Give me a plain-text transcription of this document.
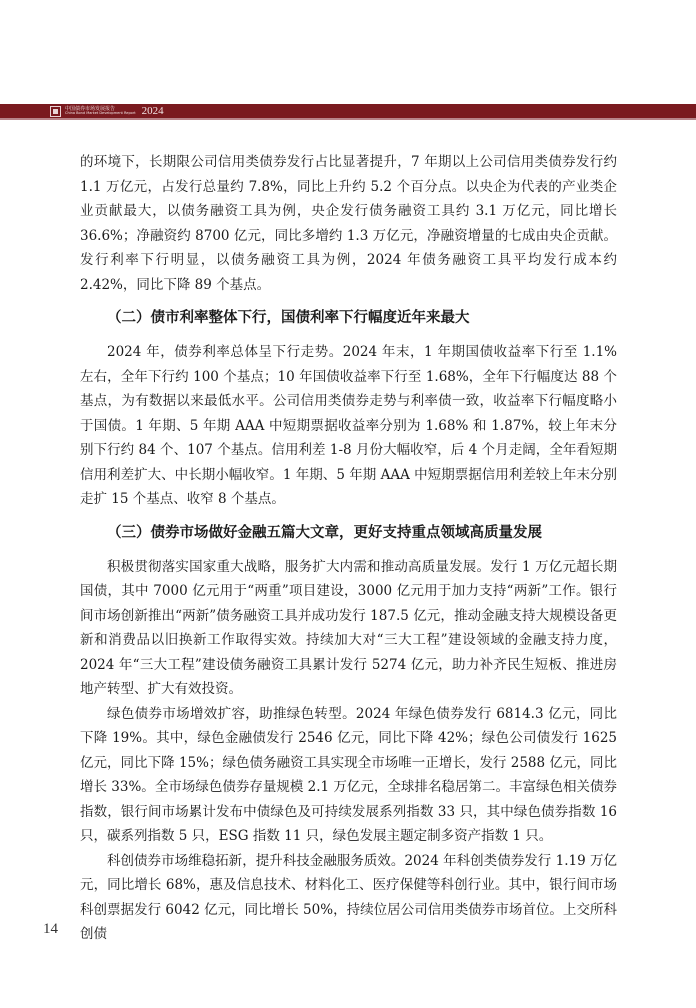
中国债券市场发展报告
China Bond Market Development Report 2024

的环境下，长期限公司信用类债券发行占比显著提升，7 年期以上公司信用类债券发行约 1.1 万亿元，占发行总量约 7.8%，同比上升约 5.2 个百分点。以央企为代表的产业类企业贡献最大，以债务融资工具为例，央企发行债务融资工具约 3.1 万亿元，同比增长 36.6%；净融资约 8700 亿元，同比多增约 1.3 万亿元，净融资增量的七成由央企贡献。发行利率下行明显，以债务融资工具为例，2024 年债务融资工具平均发行成本约 2.42%，同比下降 89 个基点。

（二）债市利率整体下行，国债利率下行幅度近年来最大

2024 年，债券利率总体呈下行走势。2024 年末，1 年期国债收益率下行至 1.1% 左右，全年下行约 100 个基点；10 年国债收益率下行至 1.68%，全年下行幅度达 88 个基点，为有数据以来最低水平。公司信用类债券走势与利率债一致，收益率下行幅度略小于国债。1 年期、5 年期 AAA 中短期票据收益率分别为 1.68% 和 1.87%，较上年末分别下行约 84 个、107 个基点。信用利差 1-8 月份大幅收窄，后 4 个月走阔，全年看短期信用利差扩大、中长期小幅收窄。1 年期、5 年期 AAA 中短期票据信用利差较上年末分别走扩 15 个基点、收窄 8 个基点。

（三）债券市场做好金融五篇大文章，更好支持重点领域高质量发展

积极贯彻落实国家重大战略，服务扩大内需和推动高质量发展。发行 1 万亿元超长期国债，其中 7000 亿元用于“两重”项目建设，3000 亿元用于加力支持“两新”工作。银行间市场创新推出“两新”债务融资工具并成功发行 187.5 亿元，推动金融支持大规模设备更新和消费品以旧换新工作取得实效。持续加大对“三大工程”建设领域的金融支持力度，2024 年“三大工程”建设债务融资工具累计发行 5274 亿元，助力补齐民生短板、推进房地产转型、扩大有效投资。

绿色债券市场增效扩容，助推绿色转型。2024 年绿色债券发行 6814.3 亿元，同比下降 19%。其中，绿色金融债发行 2546 亿元，同比下降 42%；绿色公司债发行 1625 亿元，同比下降 15%；绿色债务融资工具实现全市场唯一正增长，发行 2588 亿元，同比增长 33%。全市场绿色债券存量规模 2.1 万亿元，全球排名稳居第二。丰富绿色相关债券指数，银行间市场累计发布中债绿色及可持续发展系列指数 33 只，其中绿色债券指数 16 只，碳系列指数 5 只，ESG 指数 11 只，绿色发展主题定制多资产指数 1 只。

科创债券市场维稳拓新，提升科技金融服务质效。2024 年科创类债券发行 1.19 万亿元，同比增长 68%，惠及信息技术、材料化工、医疗保健等科创行业。其中，银行间市场科创票据发行 6042 亿元，同比增长 50%，持续位居公司信用类债券市场首位。上交所科创债

14
